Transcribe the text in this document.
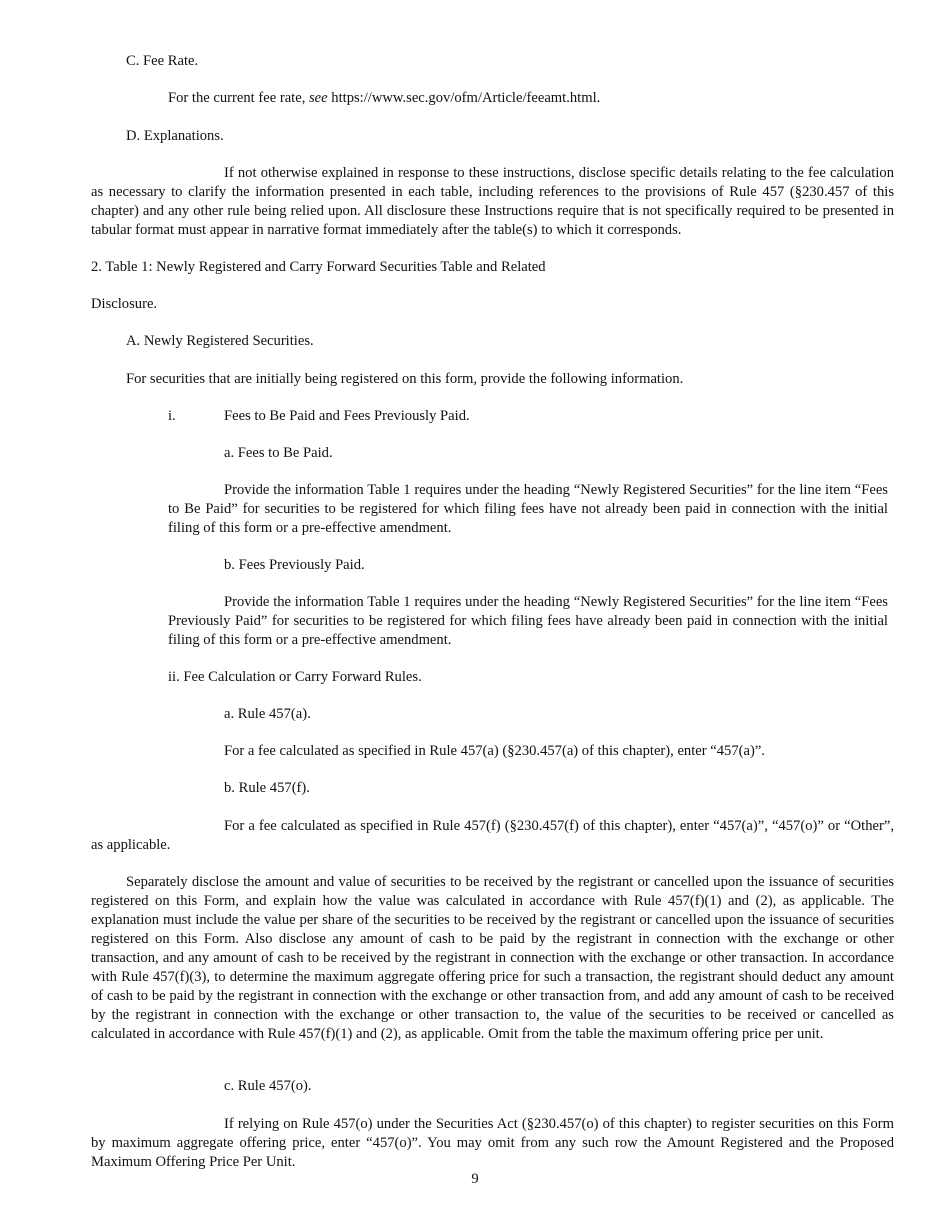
C. Fee Rate.
For the current fee rate, see https://www.sec.gov/ofm/Article/feeamt.html.
D. Explanations.

If not otherwise explained in response to these instructions, disclose specific details relating to the fee calculation as necessary to clarify the information presented in each table, including references to the provisions of Rule 457 (§230.457 of this chapter) and any other rule being relied upon. All disclosure these Instructions require that is not specifically required to be presented in tabular format must appear in narrative format immediately after the table(s) to which it corresponds.

2. Table 1: Newly Registered and Carry Forward Securities Table and Related
Disclosure.
A. Newly Registered Securities.
For securities that are initially being registered on this form, provide the following information.
i.	Fees to Be Paid and Fees Previously Paid.
a. Fees to Be Paid.

Provide the information Table 1 requires under the heading “Newly Registered Securities” for the line item “Fees to Be Paid” for securities to be registered for which filing fees have not already been paid in connection with the initial filing of this form or a pre-effective amendment.

b. Fees Previously Paid.

Provide the information Table 1 requires under the heading “Newly Registered Securities” for the line item “Fees Previously Paid” for securities to be registered for which filing fees have already been paid in connection with the initial filing of this form or a pre-effective amendment.

ii. Fee Calculation or Carry Forward Rules.
a. Rule 457(a).
For a fee calculated as specified in Rule 457(a) (§230.457(a) of this chapter), enter “457(a)”.
b. Rule 457(f).

For a fee calculated as specified in Rule 457(f) (§230.457(f) of this chapter), enter “457(a)”, “457(o)” or “Other”, as applicable.

Separately disclose the amount and value of securities to be received by the registrant or cancelled upon the issuance of securities registered on this Form, and explain how the value was calculated in accordance with Rule 457(f)(1) and (2), as applicable. The explanation must include the value per share of the securities to be received by the registrant or cancelled upon the issuance of securities registered on this Form. Also disclose any amount of cash to be paid by the registrant in connection with the exchange or other transaction, and any amount of cash to be received by the registrant in connection with the exchange or other transaction. In accordance with Rule 457(f)(3), to determine the maximum aggregate offering price for such a transaction, the registrant should deduct any amount of cash to be paid by the registrant in connection with the exchange or other transaction from, and add any amount of cash to be received by the registrant in connection with the exchange or other transaction to, the value of the securities to be received or cancelled as calculated in accordance with Rule 457(f)(1) and (2), as applicable. Omit from the table the maximum offering price per unit.

c. Rule 457(o).

If relying on Rule 457(o) under the Securities Act (§230.457(o) of this chapter) to register securities on this Form by maximum aggregate offering price, enter “457(o)”. You may omit from any such row the Amount Registered and the Proposed Maximum Offering Price Per Unit.

9
